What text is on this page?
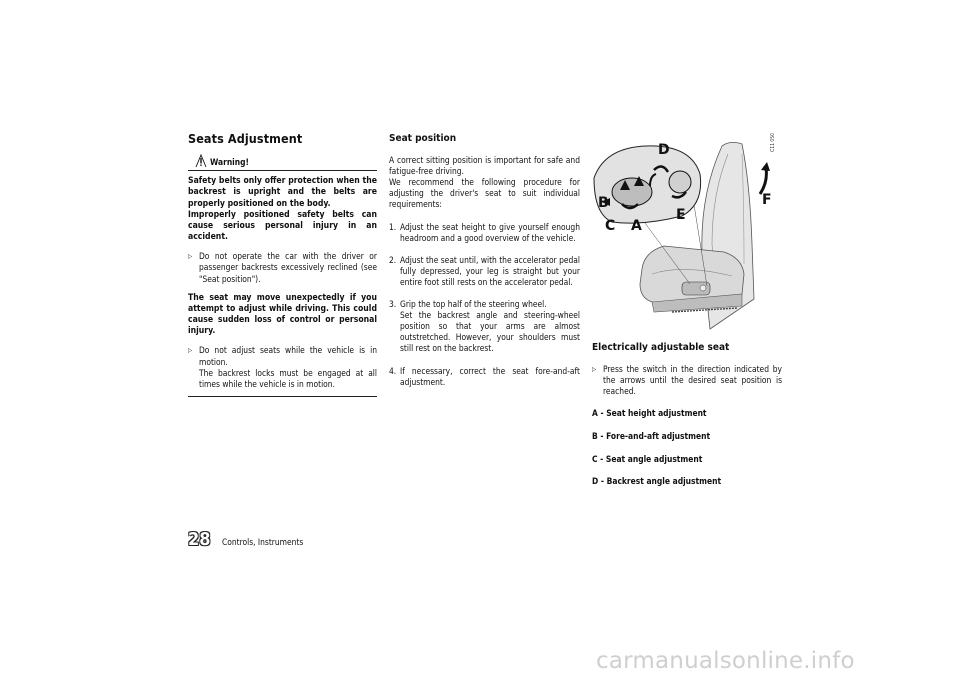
Seats Adjustment
Warning!

Safety belts only offer protection when the backrest is upright and the belts are properly positioned on the body.

Improperly positioned safety belts can cause serious personal injury in an accident.

▷ Do not operate the car with the driver or passenger backrests excessively reclined (see "Seat position").

The seat may move unexpectedly if you attempt to adjust while driving. This could cause sudden loss of control or personal injury.

▷ Do not adjust seats while the vehicle is in motion.
The backrest locks must be engaged at all times while the vehicle is in motion.

Seat position

A correct sitting position is important for safe and fatigue-free driving.
We recommend the following procedure for adjusting the driver's seat to suit individual requirements:

1. Adjust the seat height to give yourself enough headroom and a good overview of the vehicle.
2. Adjust the seat until, with the accelerator pedal fully depressed, your leg is straight but your entire foot still rests on the accelerator pedal.
3. Grip the top half of the steering wheel.
Set the backrest angle and steering-wheel position so that your arms are almost outstretched. However, your shoulders must still rest on the backrest.
4. If necessary, correct the seat fore-and-aft adjustment.
D
B
C A
E
F
C11 050
Electrically adjustable seat

▷ Press the switch in the direction indicated by the arrows until the desired seat position is reached.

A - Seat height adjustment

B - Fore-and-aft adjustment

C - Seat angle adjustment

D - Backrest angle adjustment

28 Controls, Instruments
carmanualsonline.info
